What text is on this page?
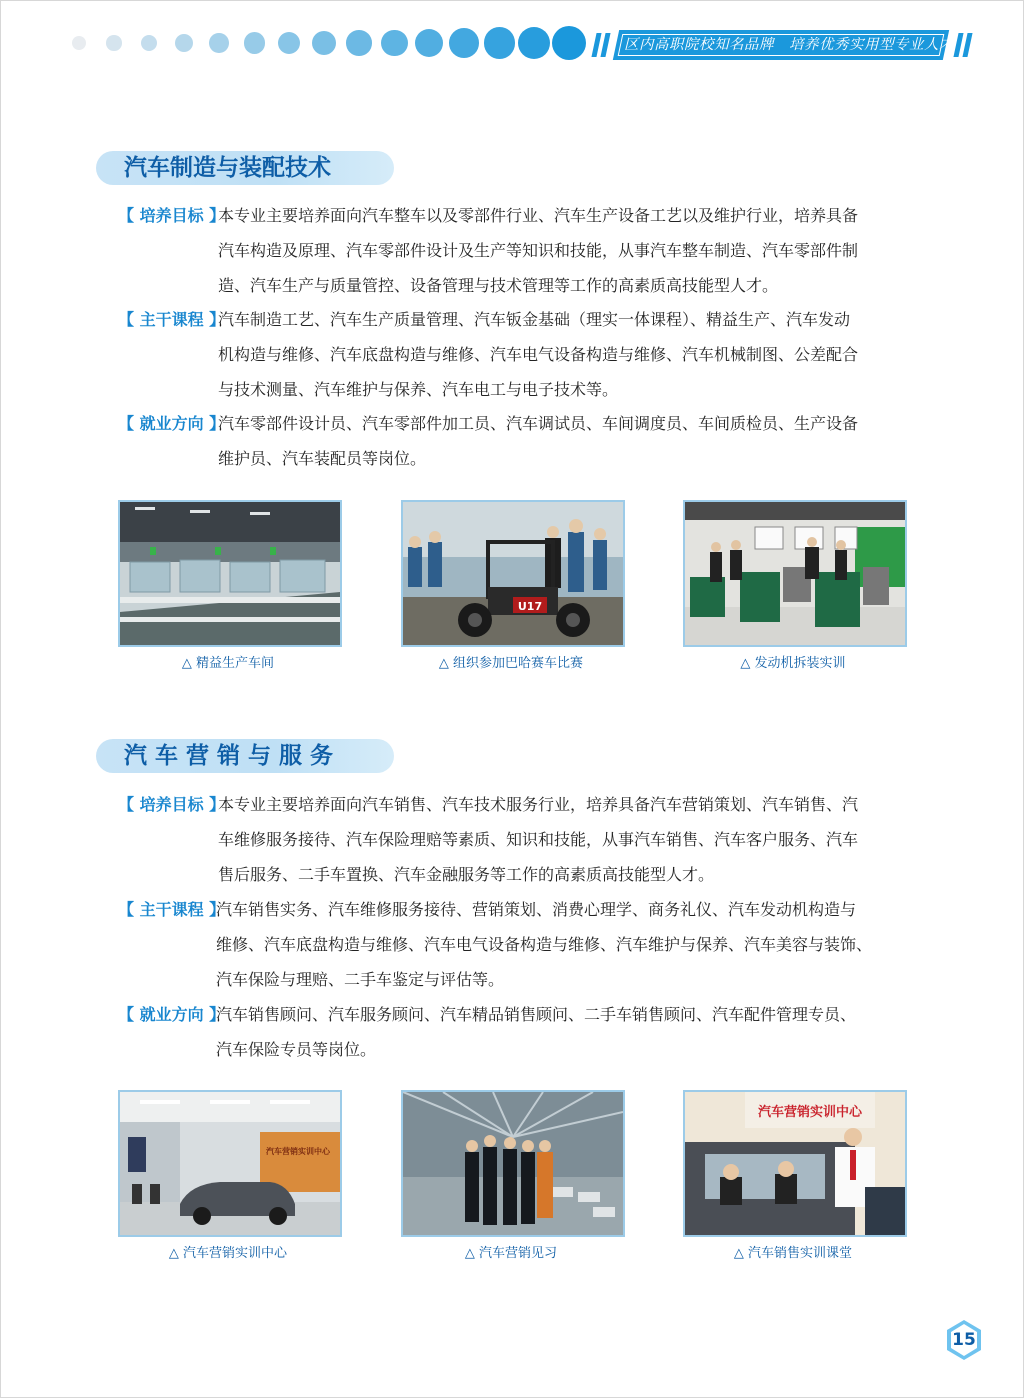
区内高职院校知名品牌　培养优秀实用型专业人才
汽车制造与装配技术
【 培养目标 】
本专业主要培养面向汽车整车以及零部件行业、汽车生产设备工艺以及维护行业，培养具备
汽车构造及原理、汽车零部件设计及生产等知识和技能，从事汽车整车制造、汽车零部件制
造、汽车生产与质量管控、设备管理与技术管理等工作的高素质高技能型人才。
【 主干课程 】
汽车制造工艺、汽车生产质量管理、汽车钣金基础（理实一体课程）、精益生产、汽车发动
机构造与维修、汽车底盘构造与维修、汽车电气设备构造与维修、汽车机械制图、公差配合
与技术测量、汽车维护与保养、汽车电工与电子技术等。
【 就业方向 】
汽车零部件设计员、汽车零部件加工员、汽车调试员、车间调度员、车间质检员、生产设备
维护员、汽车装配员等岗位。
△ 精益生产车间
U17
△ 组织参加巴哈赛车比赛	△ 发动机拆装实训
汽 车 营 销 与 服 务
【 培养目标 】
本专业主要培养面向汽车销售、汽车技术服务行业，培养具备汽车营销策划、汽车销售、汽
车维修服务接待、汽车保险理赔等素质、知识和技能，从事汽车销售、汽车客户服务、汽车
售后服务、二手车置换、汽车金融服务等工作的高素质高技能型人才。
【 主干课程 】
汽车销售实务、汽车维修服务接待、营销策划、消费心理学、商务礼仪、汽车发动机构造与
维修、汽车底盘构造与维修、汽车电气设备构造与维修、汽车维护与保养、汽车美容与装饰、
汽车保险与理赔、二手车鉴定与评估等。
【 就业方向 】
汽车销售顾问、汽车服务顾问、汽车精品销售顾问、二手车销售顾问、汽车配件管理专员、
汽车保险专员等岗位。
汽车营销实训中心
△ 汽车营销实训中心	△ 汽车营销见习
汽车营销实训中心
△ 汽车销售实训课堂
15
